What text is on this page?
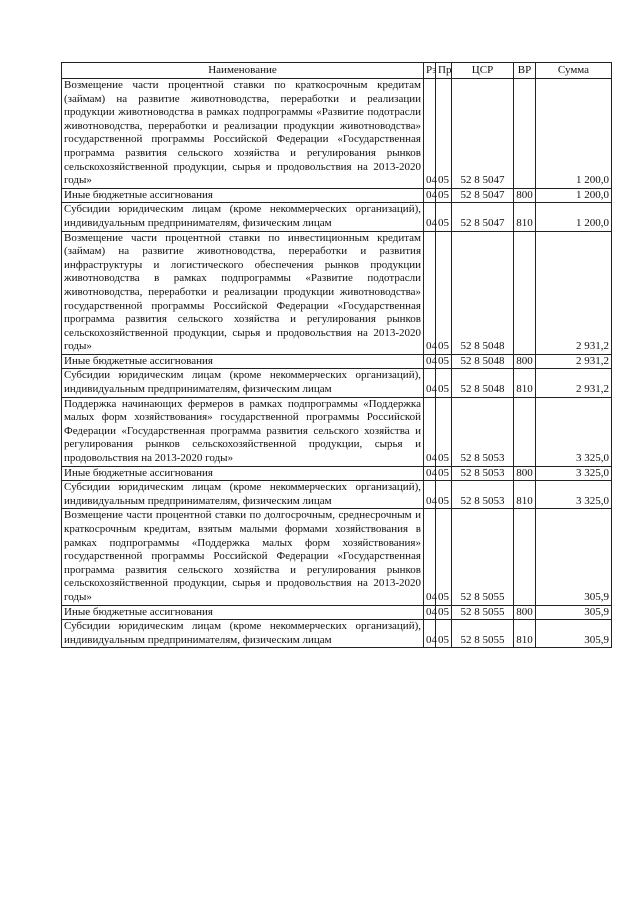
Наименование	Рз	Пр	ЦСР	ВР	Сумма
Возмещение части процентной ставки по краткосрочным кредитам (займам) на развитие животноводства, переработки и реализации продукции животноводства в рамках подпрограммы «Развитие подотрасли животноводства, переработки и реализации продукции животноводства» государственной программы Российской Федерации «Государственная программа развития сельского хозяйства и регулирования рынков сельскохозяйственной продукции, сырья и продовольствия на 2013-2020 годы»	04	05	52 8 5047		1 200,0
Иные бюджетные ассигнования	04	05	52 8 5047	800	1 200,0
Субсидии юридическим лицам (кроме некоммерческих организаций), индивидуальным предпринимателям, физическим лицам	04	05	52 8 5047	810	1 200,0
Возмещение части процентной ставки по инвестиционным кредитам (займам) на развитие животноводства, переработки и развития инфраструктуры и логистического обеспечения рынков продукции животноводства в рамках подпрограммы «Развитие подотрасли животноводства, переработки и реализации продукции животноводства» государственной программы Российской Федерации «Государственная программа развития сельского хозяйства и регулирования рынков сельскохозяйственной продукции, сырья и продовольствия на 2013-2020 годы»	04	05	52 8 5048		2 931,2
Иные бюджетные ассигнования	04	05	52 8 5048	800	2 931,2
Субсидии юридическим лицам (кроме некоммерческих организаций), индивидуальным предпринимателям, физическим лицам	04	05	52 8 5048	810	2 931,2
Поддержка начинающих фермеров в рамках подпрограммы «Поддержка малых форм хозяйствования» государственной программы Российской Федерации «Государственная программа развития сельского хозяйства и регулирования рынков сельскохозяйственной продукции, сырья и продовольствия на 2013-2020 годы»	04	05	52 8 5053		3 325,0
Иные бюджетные ассигнования	04	05	52 8 5053	800	3 325,0
Субсидии юридическим лицам (кроме некоммерческих организаций), индивидуальным предпринимателям, физическим лицам	04	05	52 8 5053	810	3 325,0
Возмещение части процентной ставки по долгосрочным, среднесрочным и краткосрочным кредитам, взятым малыми формами хозяйствования в рамках подпрограммы «Поддержка малых форм хозяйствования» государственной программы Российской Федерации «Государственная программа развития сельского хозяйства и регулирования рынков сельскохозяйственной продукции, сырья и продовольствия на 2013-2020 годы»	04	05	52 8 5055		305,9
Иные бюджетные ассигнования	04	05	52 8 5055	800	305,9
Субсидии юридическим лицам (кроме некоммерческих организаций), индивидуальным предпринимателям, физическим лицам	04	05	52 8 5055	810	305,9
